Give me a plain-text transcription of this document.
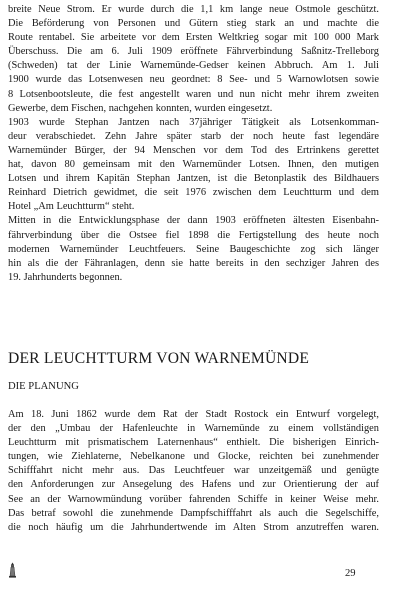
breite Neue Strom. Er wurde durch die 1,1 km lange neue Ostmole geschützt.
Die Beförderung von Personen und Gütern stieg stark an und machte die
Route rentabel. Sie arbeitete vor dem Ersten Weltkrieg sogar mit 100 000 Mark
Überschuss. Die am 6. Juli 1909 eröffnete Fährverbindung Saßnitz-Trelleborg
(Schweden) tat der Linie Warnemünde-Gedser keinen Abbruch. Am 1. Juli
1900 wurde das Lotsenwesen neu geordnet: 8 See- und 5 Warnowlotsen sowie
8 Lotsenbootsleute, die fest angestellt waren und nun nicht mehr ihrem zweiten
Gewerbe, dem Fischen, nachgehen konnten, wurden eingesetzt.
1903 wurde Stephan Jantzen nach 37jähriger Tätigkeit als Lotsenkomman-
deur verabschiedet. Zehn Jahre später starb der noch heute fast legendäre
Warnemünder Bürger, der 94 Menschen vor dem Tod des Ertrinkens gerettet
hat, davon 80 gemeinsam mit den Warnemünder Lotsen. Ihnen, den mutigen
Lotsen und ihrem Kapitän Stephan Jantzen, ist die Betonplastik des Bildhauers
Reinhard Dietrich gewidmet, die seit 1976 zwischen dem Leuchtturm und dem
Hotel „Am Leuchtturm“ steht.
Mitten in die Entwicklungsphase der dann 1903 eröffneten ältesten Eisenbahn-
fährverbindung über die Ostsee fiel 1898 die Fertigstellung des heute noch
modernen Warnemünder Leuchtfeuers. Seine Baugeschichte zog sich länger
hin als die der Fähranlagen, denn sie hatte bereits in den sechziger Jahren des
19. Jahrhunderts begonnen.
DER LEUCHTTURM VON WARNEMÜNDE
DIE PLANUNG
Am 18. Juni 1862 wurde dem Rat der Stadt Rostock ein Entwurf vorgelegt,
der den „Umbau der Hafenleuchte in Warnemünde zu einem vollständigen
Leuchtturm mit prismatischem Laternenhaus“ enthielt. Die bisherigen Einrich-
tungen, wie Ziehlaterne, Nebelkanone und Glocke, reichten bei zunehmender
Schifffahrt nicht mehr aus. Das Leuchtfeuer war unzeitgemäß und genügte
den Anforderungen zur Ansegelung des Hafens und zur Orientierung der auf
See an der Warnowmündung vorüber fahrenden Schiffe in keiner Weise mehr.
Das betraf sowohl die zunehmende Dampfschifffahrt als auch die Segelschiffe,
die noch häufig um die Jahrhundertwende im Alten Strom anzutreffen waren.
29
